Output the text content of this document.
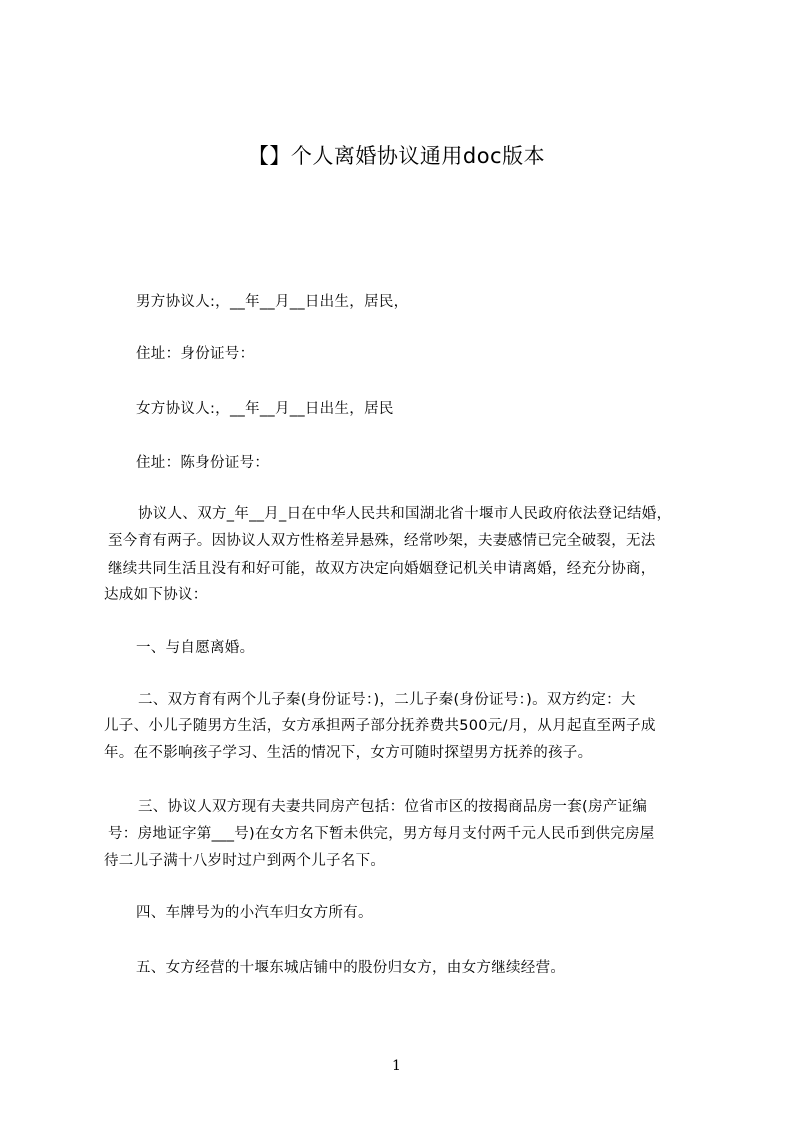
【】个人离婚协议通用doc版本
男方协议人:，__年__月__日出生，居民，
住址：身份证号：
女方协议人:，__年__月__日出生，居民
住址：陈身份证号：
协议人、双方_年__月_日在中华人民共和国湖北省十堰市人民政府依法登记结婚，
至今育有两子。因协议人双方性格差异悬殊，经常吵架，夫妻感情已完全破裂，无法
继续共同生活且没有和好可能，故双方决定向婚姻登记机关申请离婚，经充分协商，
达成如下协议：
一、与自愿离婚。
二、双方育有两个儿子秦(身份证号：)，二儿子秦(身份证号：)。双方约定：大
儿子、小儿子随男方生活，女方承担两子部分抚养费共500元/月，从月起直至两子成
年。在不影响孩子学习、生活的情况下，女方可随时探望男方抚养的孩子。
三、协议人双方现有夫妻共同房产包括：位省市区的按揭商品房一套(房产证编
号：房地证字第___号)在女方名下暂未供完，男方每月支付两千元人民币到供完房屋
待二儿子满十八岁时过户到两个儿子名下。
四、车牌号为的小汽车归女方所有。
五、女方经营的十堰东城店铺中的股份归女方，由女方继续经营。
1
